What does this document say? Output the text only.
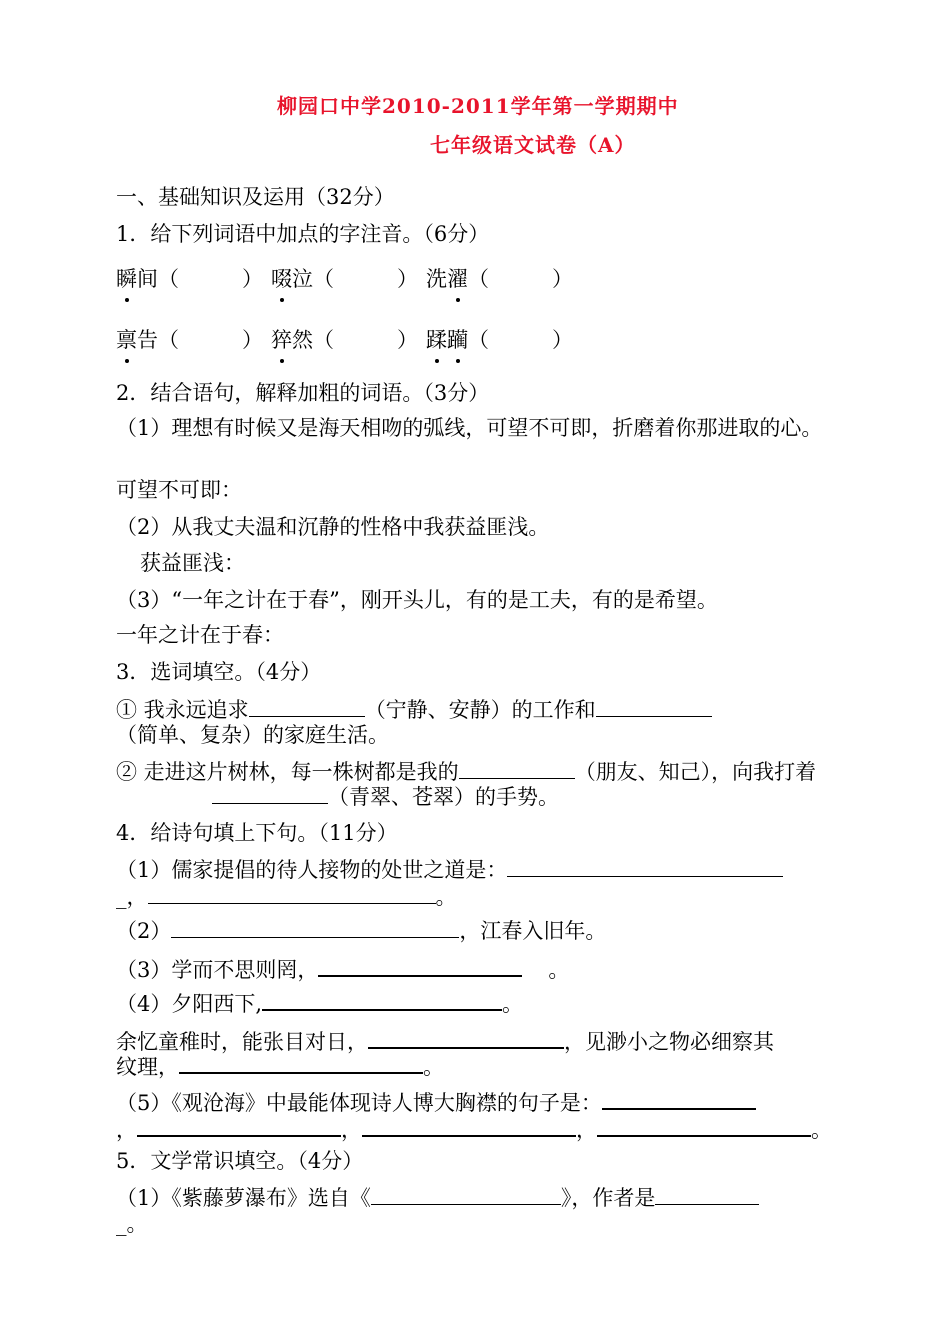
柳园口中学2010-2011学年第一学期期中
七年级语文试卷（A）
一、基础知识及运用（32分）
1．给下列词语中加点的字注音。（6分）
瞬间（　　　） 啜泣（　　　） 洗濯（　　　）
禀告（　　　） 猝然（　　　） 蹂躏（　　　）
2．结合语句，解释加粗的词语。（3分）
（1）理想有时候又是海天相吻的弧线，可望不可即，折磨着你那进取的心。
可望不可即：
（2）从我丈夫温和沉静的性格中我获益匪浅。
获益匪浅：
（3）“一年之计在于春”，刚开头儿，有的是工夫，有的是希望。
一年之计在于春：
3．选词填空。（4分）
① 我永远追求	（宁静、安静）的工作和
（简单、复杂）的家庭生活。
② 走进这片树林，每一株树都是我的	（朋友、知己），向我打着
（青翠、苍翠）的手势。
4．给诗句填上下句。（11分）
（1）儒家提倡的待人接物的处世之道是：
_，	。
（2）	，江春入旧年。
（3）学而不思则罔，	。
（4）夕阳西下,	。
余忆童稚时，能张目对日，	，见渺小之物必细察其
纹理，	。
（5）《观沧海》中最能体现诗人博大胸襟的句子是：
，	，	，	。
5．文学常识填空。（4分）
（1）《紫藤萝瀑布》选自《	》，作者是
_。
